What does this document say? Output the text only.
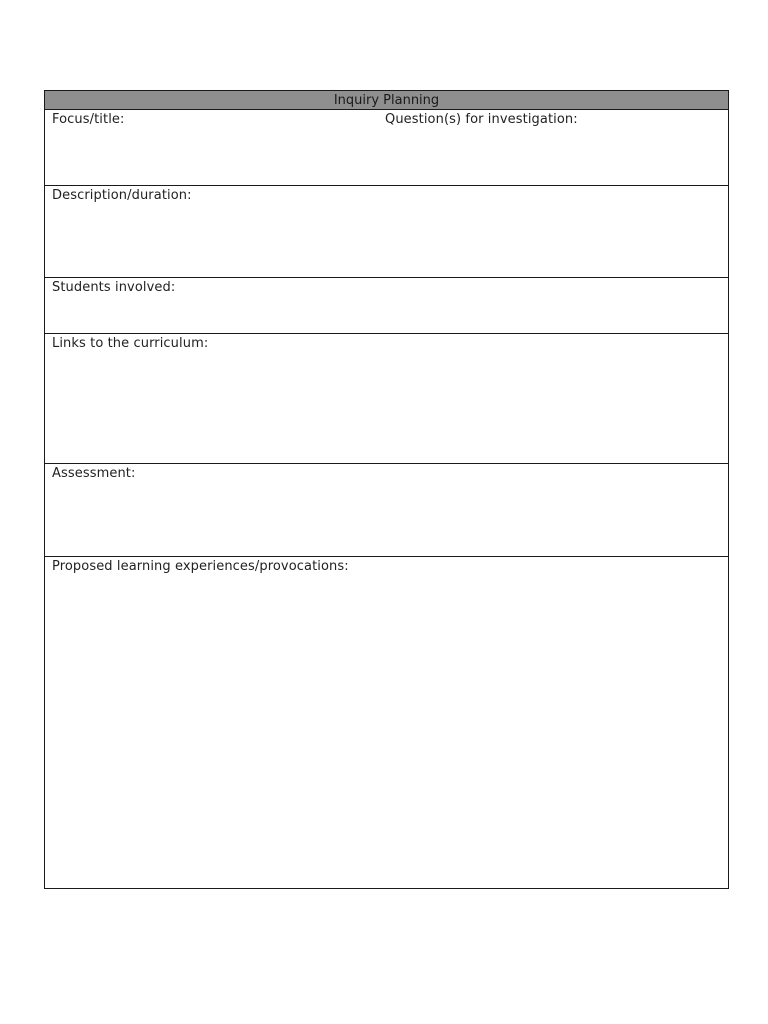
Inquiry Planning
Focus/title:	Question(s) for investigation:
Description/duration:
Students involved:
Links to the curriculum:
Assessment:
Proposed learning experiences/provocations:
